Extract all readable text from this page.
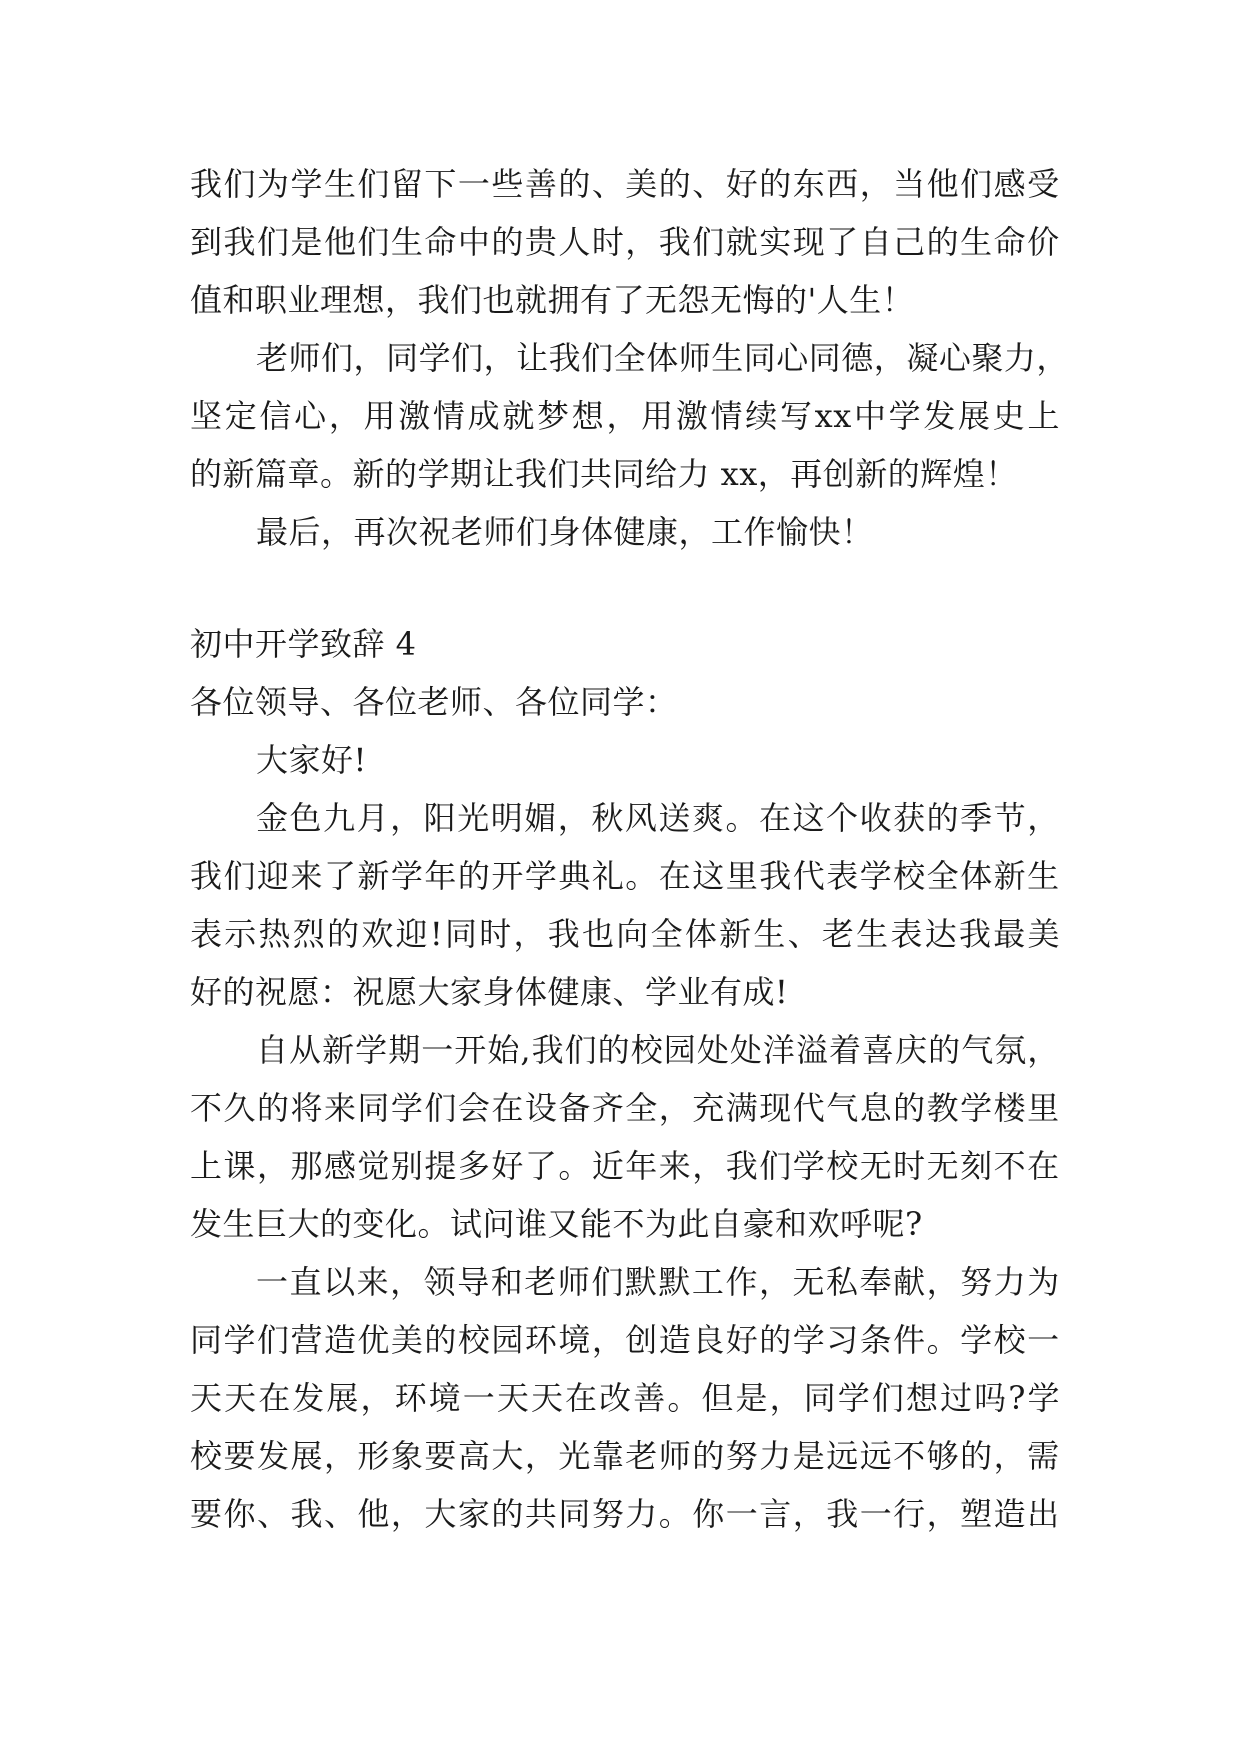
我 们 为 学 生 们 留 下 一 些 善 的 、 美 的 、 好 的 东 西 ， 当 他 们 感 受
到 我 们 是 他 们 生 命 中 的 贵 人 时 ， 我 们 就 实 现 了 自 己 的 生 命 价
值和职业理想，我们也就拥有了无怨无悔的'人生！
老 师 们 ， 同 学 们 ， 让 我 们 全 体 师 生 同 心 同 德 ， 凝 心 聚 力 ，
坚 定 信 心 ， 用 激 情 成 就 梦 想 ， 用 激 情 续 写 xx 中 学 发 展 史 上
的新篇章。新的学期让我们共同给力 xx，再创新的辉煌！
最后，再次祝老师们身体健康，工作愉快！
初中开学致辞 4
各位领导、各位老师、各位同学：
大家好!
金 色 九 月 ， 阳 光 明 媚 ， 秋 风 送 爽 。 在 这 个 收 获 的 季 节 ，
我 们 迎 来 了 新 学 年 的 开 学 典 礼 。 在 这 里 我 代 表 学 校 全 体 新 生
表 示 热 烈 的 欢 迎 ! 同 时 ， 我 也 向 全 体 新 生 、 老 生 表 达 我 最 美
好的祝愿：祝愿大家身体健康、学业有成!
自 从 新 学 期 一 开 始 , 我 们 的 校 园 处 处 洋 溢 着 喜 庆 的 气 氛 ，
不 久 的 将 来 同 学 们 会 在 设 备 齐 全 ， 充 满 现 代 气 息 的 教 学 楼 里
上 课 ， 那 感 觉 别 提 多 好 了 。 近 年 来 ， 我 们 学 校 无 时 无 刻 不 在
发生巨大的变化。试问谁又能不为此自豪和欢呼呢?
一 直 以 来 ， 领 导 和 老 师 们 默 默 工 作 ， 无 私 奉 献 ， 努 力 为
同 学 们 营 造 优 美 的 校 园 环 境 ， 创 造 良 好 的 学 习 条 件 。 学 校 一
天 天 在 发 展 ， 环 境 一 天 天 在 改 善 。 但 是 ， 同 学 们 想 过 吗 ? 学
校 要 发 展 ， 形 象 要 高 大 ， 光 靠 老 师 的 努 力 是 远 远 不 够 的 ， 需
要 你 、 我 、 他 ， 大 家 的 共 同 努 力 。 你 一 言 ， 我 一 行 ， 塑 造 出
